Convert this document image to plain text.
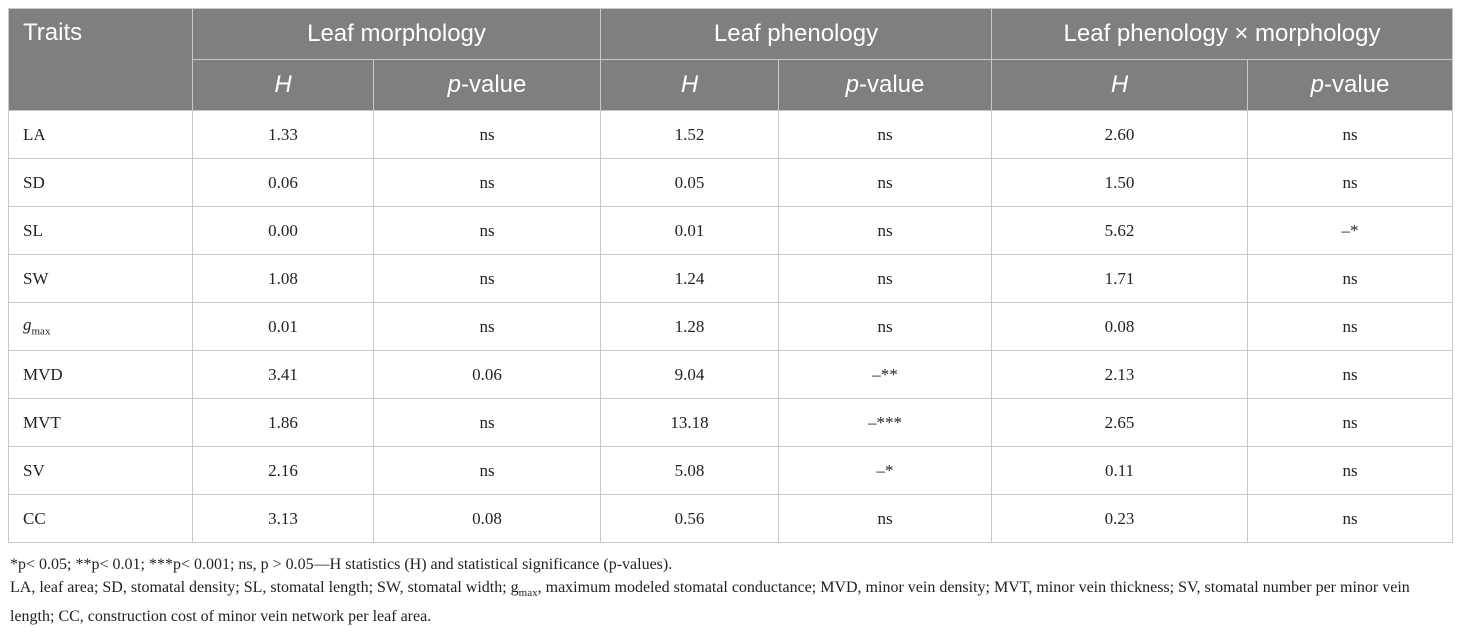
Traits	Leaf morphology		Leaf phenology		Leaf phenology × morphology	
	H	p-value	H	p-value	H	p-value
LA	1.33	ns	1.52	ns	2.60	ns
SD	0.06	ns	0.05	ns	1.50	ns
SL	0.00	ns	0.01	ns	5.62	–*
SW	1.08	ns	1.24	ns	1.71	ns
$g_{max}$	0.01	ns	1.28	ns	0.08	ns
MVD	3.41	0.06	9.04	–**	2.13	ns
MVT	1.86	ns	13.18	–***	2.65	ns
SV	2.16	ns	5.08	–*	0.11	ns
CC	3.13	0.08	0.56	ns	0.23	ns

*p< 0.05; **p< 0.01; ***p< 0.001; ns, p > 0.05—H statistics (H) and statistical significance (p-values).

LA, leaf area; SD, stomatal density; SL, stomatal length; SW, stomatal width; $g_{max}$, maximum modeled stomatal conductance; MVD, minor vein density; MVT, minor vein thickness; SV, stomatal number per minor vein length; CC, construction cost of minor vein network per leaf area.
